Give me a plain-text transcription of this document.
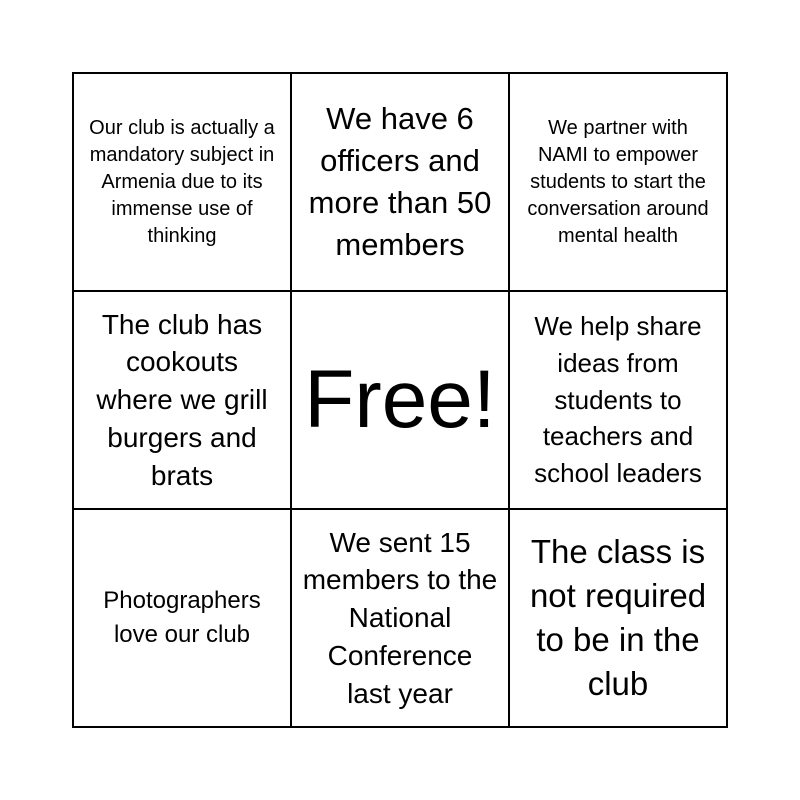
Our club is actually a mandatory subject in Armenia due to its immense use of thinking
We have 6 officers and more than 50 members
We partner with NAMI to empower students to start the conversation around mental health
The club has cookouts where we grill burgers and brats
Free!
We help share ideas from students to teachers and school leaders
Photographers love our club
We sent 15 members to the National Conference last year
The class is not required to be in the club
